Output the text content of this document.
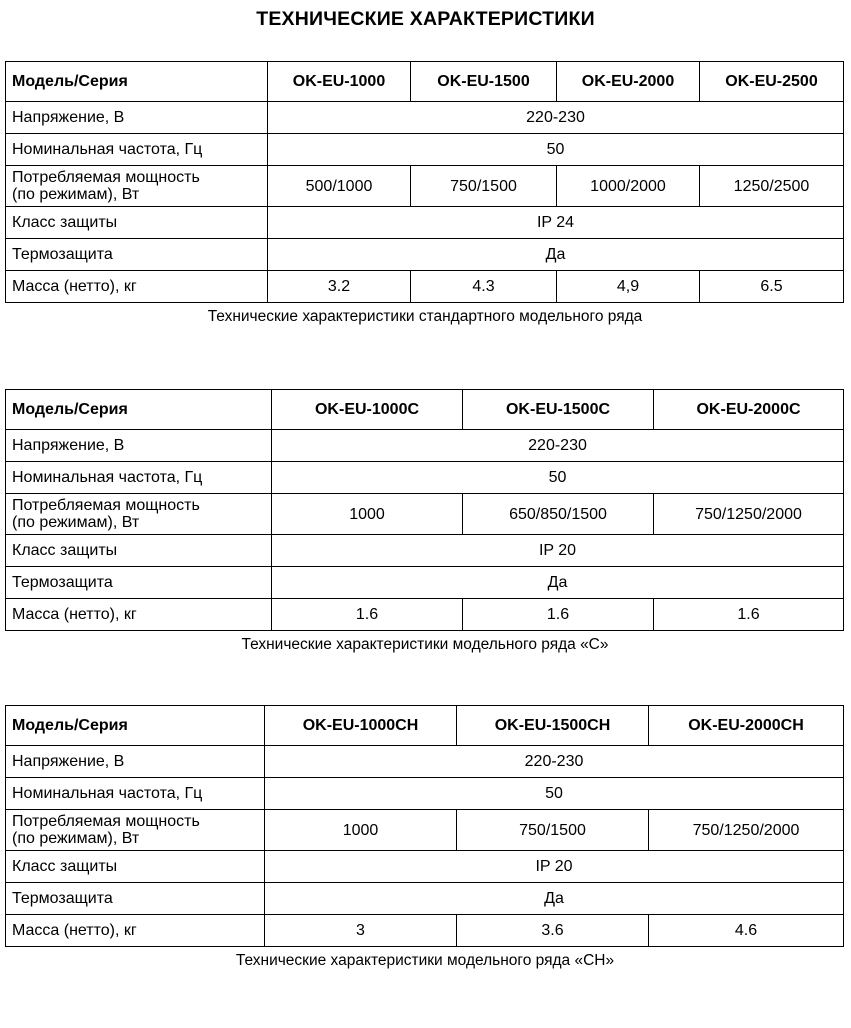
ТЕХНИЧЕСКИЕ ХАРАКТЕРИСТИКИ
Модель/Серия	OK-EU-1000	OK-EU-1500	OK-EU-2000	OK-EU-2500
Напряжение, В	220-230			
Номинальная частота, Гц	50			
Потребляемая мощность
(по режимам), Вт	500/1000	750/1500	1000/2000	1250/2500
Класс защиты	IP 24			
Термозащита	Да			
Масса (нетто), кг	3.2	4.3	4,9	6.5
Технические характеристики стандартного модельного ряда
Модель/Серия	OK-EU-1000C	OK-EU-1500C	OK-EU-2000C
Напряжение, В	220-230		
Номинальная частота, Гц	50		
Потребляемая мощность
(по режимам), Вт	1000	650/850/1500	750/1250/2000
Класс защиты	IP 20		
Термозащита	Да		
Масса (нетто), кг	1.6	1.6	1.6
Технические характеристики модельного ряда «С»
Модель/Серия	OK-EU-1000CH	OK-EU-1500CH	OK-EU-2000CH
Напряжение, В	220-230		
Номинальная частота, Гц	50		
Потребляемая мощность
(по режимам), Вт	1000	750/1500	750/1250/2000
Класс защиты	IP 20		
Термозащита	Да		
Масса (нетто), кг	3	3.6	4.6
Технические характеристики модельного ряда «СН»
